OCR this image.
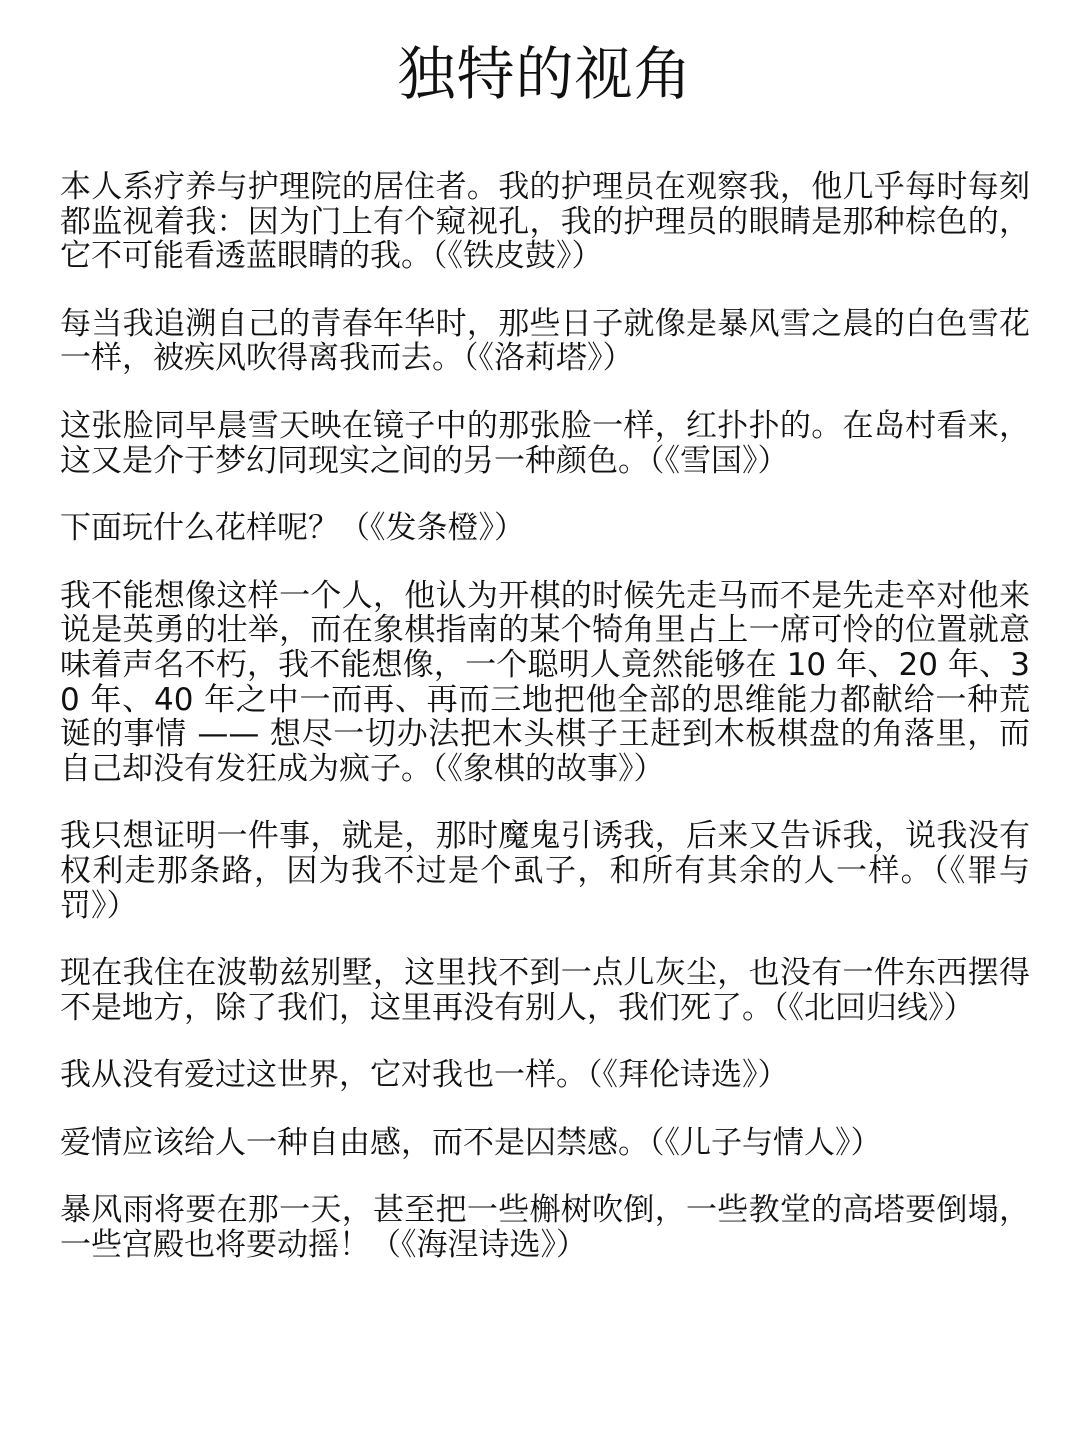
独特的视角

本人系疗养与护理院的居住者。我的护理员在观察我，他几乎每时每刻都监视着我：因为门上有个窥视孔，我的护理员的眼睛是那种棕色的，它不可能看透蓝眼睛的我。（《铁皮鼓》）

每当我追溯自己的青春年华时，那些日子就像是暴风雪之晨的白色雪花一样，被疾风吹得离我而去。（《洛莉塔》）

这张脸同早晨雪天映在镜子中的那张脸一样，红扑扑的。在岛村看来，这又是介于梦幻同现实之间的另一种颜色。（《雪国》）

下面玩什么花样呢？（《发条橙》）

我不能想像这样一个人，他认为开棋的时候先走马而不是先走卒对他来说是英勇的壮举，而在象棋指南的某个犄角里占上一席可怜的位置就意味着声名不朽，我不能想像，一个聪明人竟然能够在 10 年、20 年、30 年、40 年之中一而再、再而三地把他全部的思维能力都献给一种荒诞的事情 —— 想尽一切办法把木头棋子王赶到木板棋盘的角落里，而自己却没有发狂成为疯子。（《象棋的故事》）

我只想证明一件事，就是，那时魔鬼引诱我，后来又告诉我，说我没有权利走那条路，因为我不过是个虱子，和所有其余的人一样。（《罪与罚》）

现在我住在波勒兹别墅，这里找不到一点儿灰尘，也没有一件东西摆得不是地方，除了我们，这里再没有别人，我们死了。（《北回归线》）

我从没有爱过这世界，它对我也一样。（《拜伦诗选》）

爱情应该给人一种自由感，而不是囚禁感。（《儿子与情人》）

暴风雨将要在那一天，甚至把一些槲树吹倒，一些教堂的高塔要倒塌，一些宫殿也将要动摇！（《海涅诗选》）
